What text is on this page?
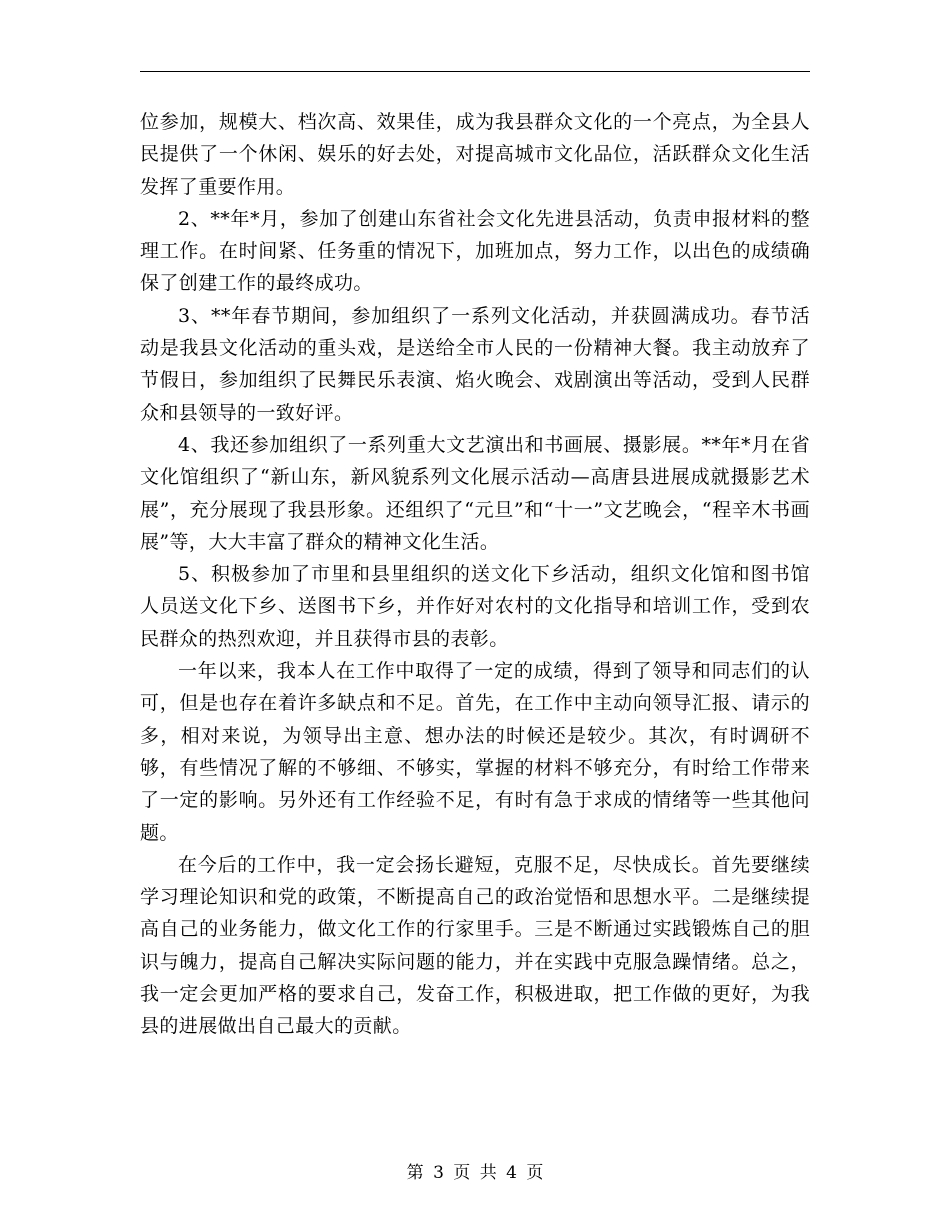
位参加，规模大、档次高、效果佳，成为我县群众文化的一个亮点，为全县人民提供了一个休闲、娱乐的好去处，对提高城市文化品位，活跃群众文化生活发挥了重要作用。

2、**年*月，参加了创建山东省社会文化先进县活动，负责申报材料的整理工作。在时间紧、任务重的情况下，加班加点，努力工作，以出色的成绩确保了创建工作的最终成功。

3、**年春节期间，参加组织了一系列文化活动，并获圆满成功。春节活动是我县文化活动的重头戏，是送给全市人民的一份精神大餐。我主动放弃了节假日，参加组织了民舞民乐表演、焰火晚会、戏剧演出等活动，受到人民群众和县领导的一致好评。

4、我还参加组织了一系列重大文艺演出和书画展、摄影展。**年*月在省文化馆组织了“新山东，新风貌系列文化展示活动—高唐县进展成就摄影艺术展”，充分展现了我县形象。还组织了“元旦”和“十一”文艺晚会，“程辛木书画展”等，大大丰富了群众的精神文化生活。

5、积极参加了市里和县里组织的送文化下乡活动，组织文化馆和图书馆人员送文化下乡、送图书下乡，并作好对农村的文化指导和培训工作，受到农民群众的热烈欢迎，并且获得市县的表彰。

一年以来，我本人在工作中取得了一定的成绩，得到了领导和同志们的认可，但是也存在着许多缺点和不足。首先，在工作中主动向领导汇报、请示的多，相对来说，为领导出主意、想办法的时候还是较少。其次，有时调研不够，有些情况了解的不够细、不够实，掌握的材料不够充分，有时给工作带来了一定的影响。另外还有工作经验不足，有时有急于求成的情绪等一些其他问题。

在今后的工作中，我一定会扬长避短，克服不足，尽快成长。首先要继续学习理论知识和党的政策，不断提高自己的政治觉悟和思想水平。二是继续提高自己的业务能力，做文化工作的行家里手。三是不断通过实践锻炼自己的胆识与魄力，提高自己解决实际问题的能力，并在实践中克服急躁情绪。总之，我一定会更加严格的要求自己，发奋工作，积极进取，把工作做的更好，为我县的进展做出自己最大的贡献。

第 3 页 共 4 页
